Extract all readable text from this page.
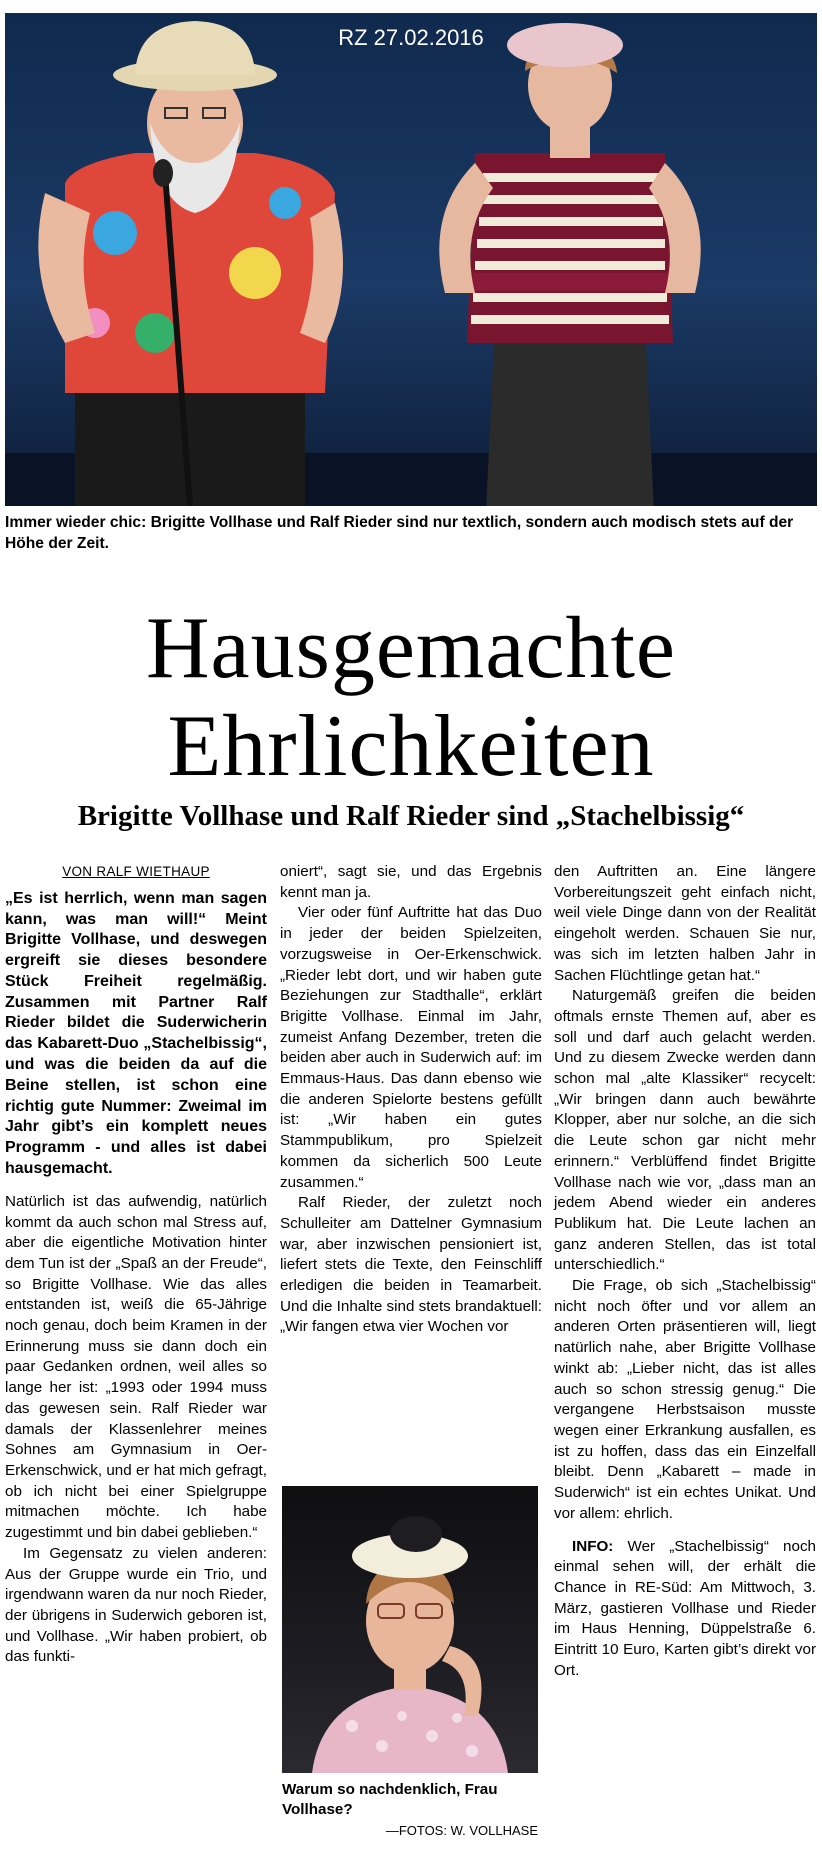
RZ 27.02.2016
Immer wieder chic: Brigitte Vollhase und Ralf Rieder sind nur textlich, sondern auch modisch stets auf der Höhe der Zeit.
Hausgemachte
Ehrlichkeiten
Brigitte Vollhase und Ralf Rieder sind „Stachelbissig“
VON RALF WIETHAUP

„Es ist herrlich, wenn man sagen kann, was man will!“ Meint Brigitte Vollhase, und deswegen ergreift sie dieses besondere Stück Freiheit regelmäßig. Zusammen mit Partner Ralf Rieder bildet die Suderwicherin das Kabarett-Duo „Stachelbissig“, und was die beiden da auf die Beine stellen, ist schon eine richtig gute Nummer: Zweimal im Jahr gibt’s ein komplett neues Programm - und alles ist dabei hausgemacht.

Natürlich ist das aufwendig, natürlich kommt da auch schon mal Stress auf, aber die eigentliche Motivation hinter dem Tun ist der „Spaß an der Freude“, so Brigitte Vollhase. Wie das alles entstanden ist, weiß die 65-Jährige noch genau, doch beim Kramen in der Erinnerung muss sie dann doch ein paar Gedanken ordnen, weil alles so lange her ist: „1993 oder 1994 muss das gewesen sein. Ralf Rieder war damals der Klassenlehrer meines Sohnes am Gymnasium in Oer-Erkenschwick, und er hat mich gefragt, ob ich nicht bei einer Spielgruppe mitmachen möchte. Ich habe zugestimmt und bin dabei geblieben.“

Im Gegensatz zu vielen anderen: Aus der Gruppe wurde ein Trio, und irgendwann waren da nur noch Rieder, der übrigens in Suderwich geboren ist, und Vollhase. „Wir haben probiert, ob das funkti-

oniert“, sagt sie, und das Ergebnis kennt man ja.

Vier oder fünf Auftritte hat das Duo in jeder der beiden Spielzeiten, vorzugsweise in Oer-Erkenschwick. „Rieder lebt dort, und wir haben gute Beziehungen zur Stadthalle“, erklärt Brigitte Vollhase. Einmal im Jahr, zumeist Anfang Dezember, treten die beiden aber auch in Suderwich auf: im Emmaus-Haus. Das dann ebenso wie die anderen Spielorte bestens gefüllt ist: „Wir haben ein gutes Stammpublikum, pro Spielzeit kommen da sicherlich 500 Leute zusammen.“

Ralf Rieder, der zuletzt noch Schulleiter am Dattelner Gymnasium war, aber inzwischen pensioniert ist, liefert stets die Texte, den Feinschliff erledigen die beiden in Teamarbeit. Und die Inhalte sind stets brandaktuell: „Wir fangen etwa vier Wochen vor

Warum so nachdenklich, Frau Vollhase?
—FOTOS: W. VOLLHASE

den Auftritten an. Eine längere Vorbereitungszeit geht einfach nicht, weil viele Dinge dann von der Realität eingeholt werden. Schauen Sie nur, was sich im letzten halben Jahr in Sachen Flüchtlinge getan hat.“

Naturgemäß greifen die beiden oftmals ernste Themen auf, aber es soll und darf auch gelacht werden. Und zu diesem Zwecke werden dann schon mal „alte Klassiker“ recycelt: „Wir bringen dann auch bewährte Klopper, aber nur solche, an die sich die Leute schon gar nicht mehr erinnern.“ Verblüffend findet Brigitte Vollhase nach wie vor, „dass man an jedem Abend wieder ein anderes Publikum hat. Die Leute lachen an ganz anderen Stellen, das ist total unterschiedlich.“

Die Frage, ob sich „Stachelbissig“ nicht noch öfter und vor allem an anderen Orten präsentieren will, liegt natürlich nahe, aber Brigitte Vollhase winkt ab: „Lieber nicht, das ist alles auch so schon stressig genug.“ Die vergangene Herbstsaison musste wegen einer Erkrankung ausfallen, es ist zu hoffen, dass das ein Einzelfall bleibt. Denn „Kabarett – made in Suderwich“ ist ein echtes Unikat. Und vor allem: ehrlich.

INFO: Wer „Stachelbissig“ noch einmal sehen will, der erhält die Chance in RE-Süd: Am Mittwoch, 3. März, gastieren Vollhase und Rieder im Haus Henning, Düppelstraße 6. Eintritt 10 Euro, Karten gibt’s direkt vor Ort.
